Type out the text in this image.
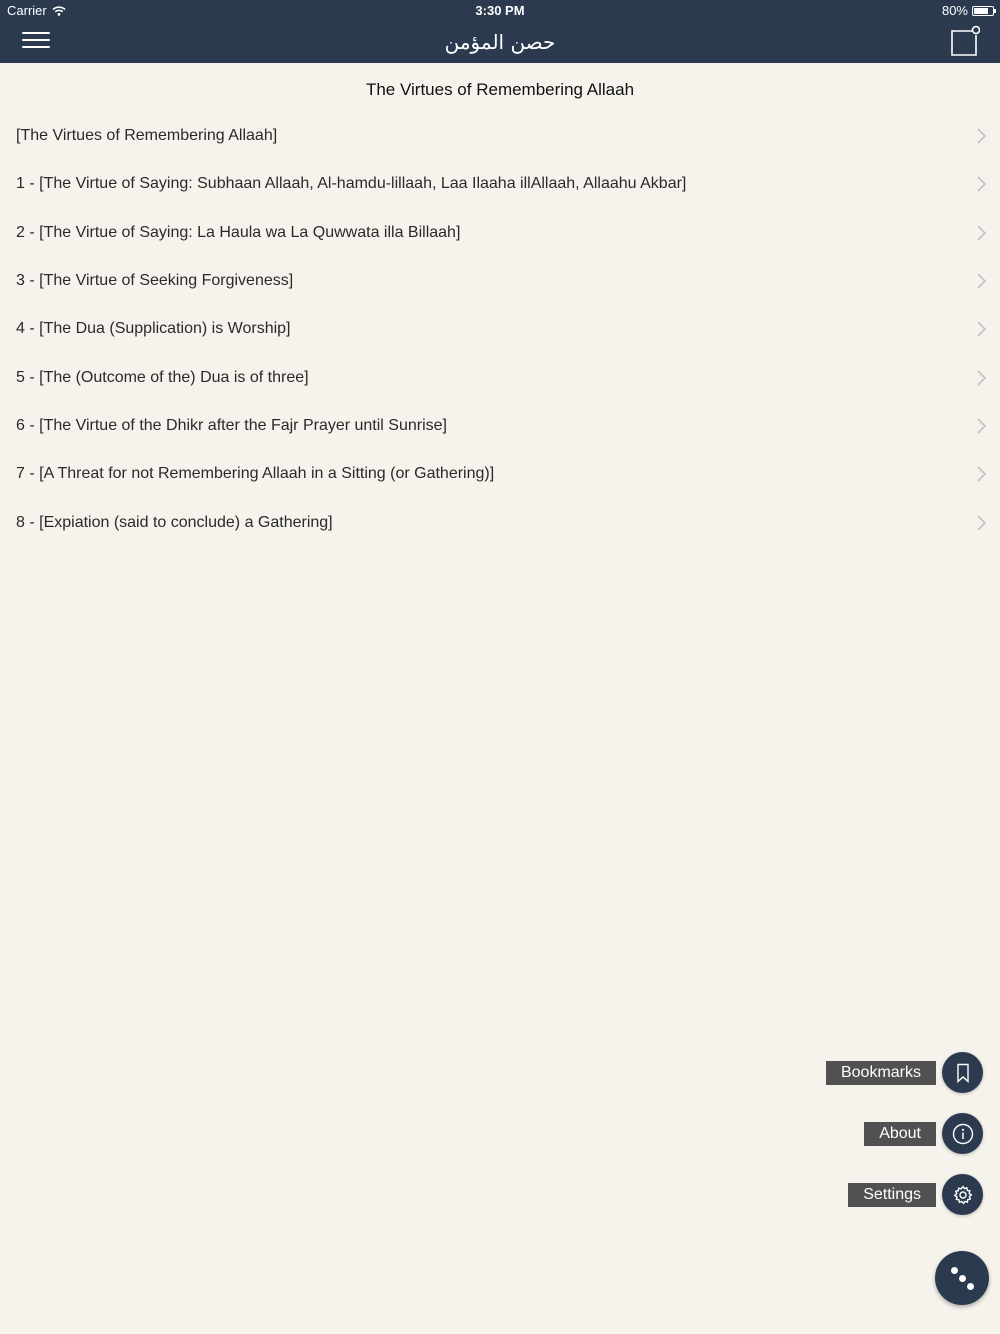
Carrier	3:30 PM	80%
حصن المؤمن
The Virtues of Remembering Allaah
[The Virtues of Remembering Allaah]
1 - [The Virtue of Saying: Subhaan Allaah, Al-hamdu-lillaah, Laa Ilaaha illAllaah, Allaahu Akbar]
2 - [The Virtue of Saying: La Haula wa La Quwwata illa Billaah]
3 - [The Virtue of Seeking Forgiveness]
4 - [The Dua (Supplication) is Worship]
5 - [The (Outcome of the) Dua is of three]
6 - [The Virtue of the Dhikr after the Fajr Prayer until Sunrise]
7 - [A Threat for not Remembering Allaah in a Sitting (or Gathering)]
8 - [Expiation (said to conclude) a Gathering]
Bookmarks
About
Settings
